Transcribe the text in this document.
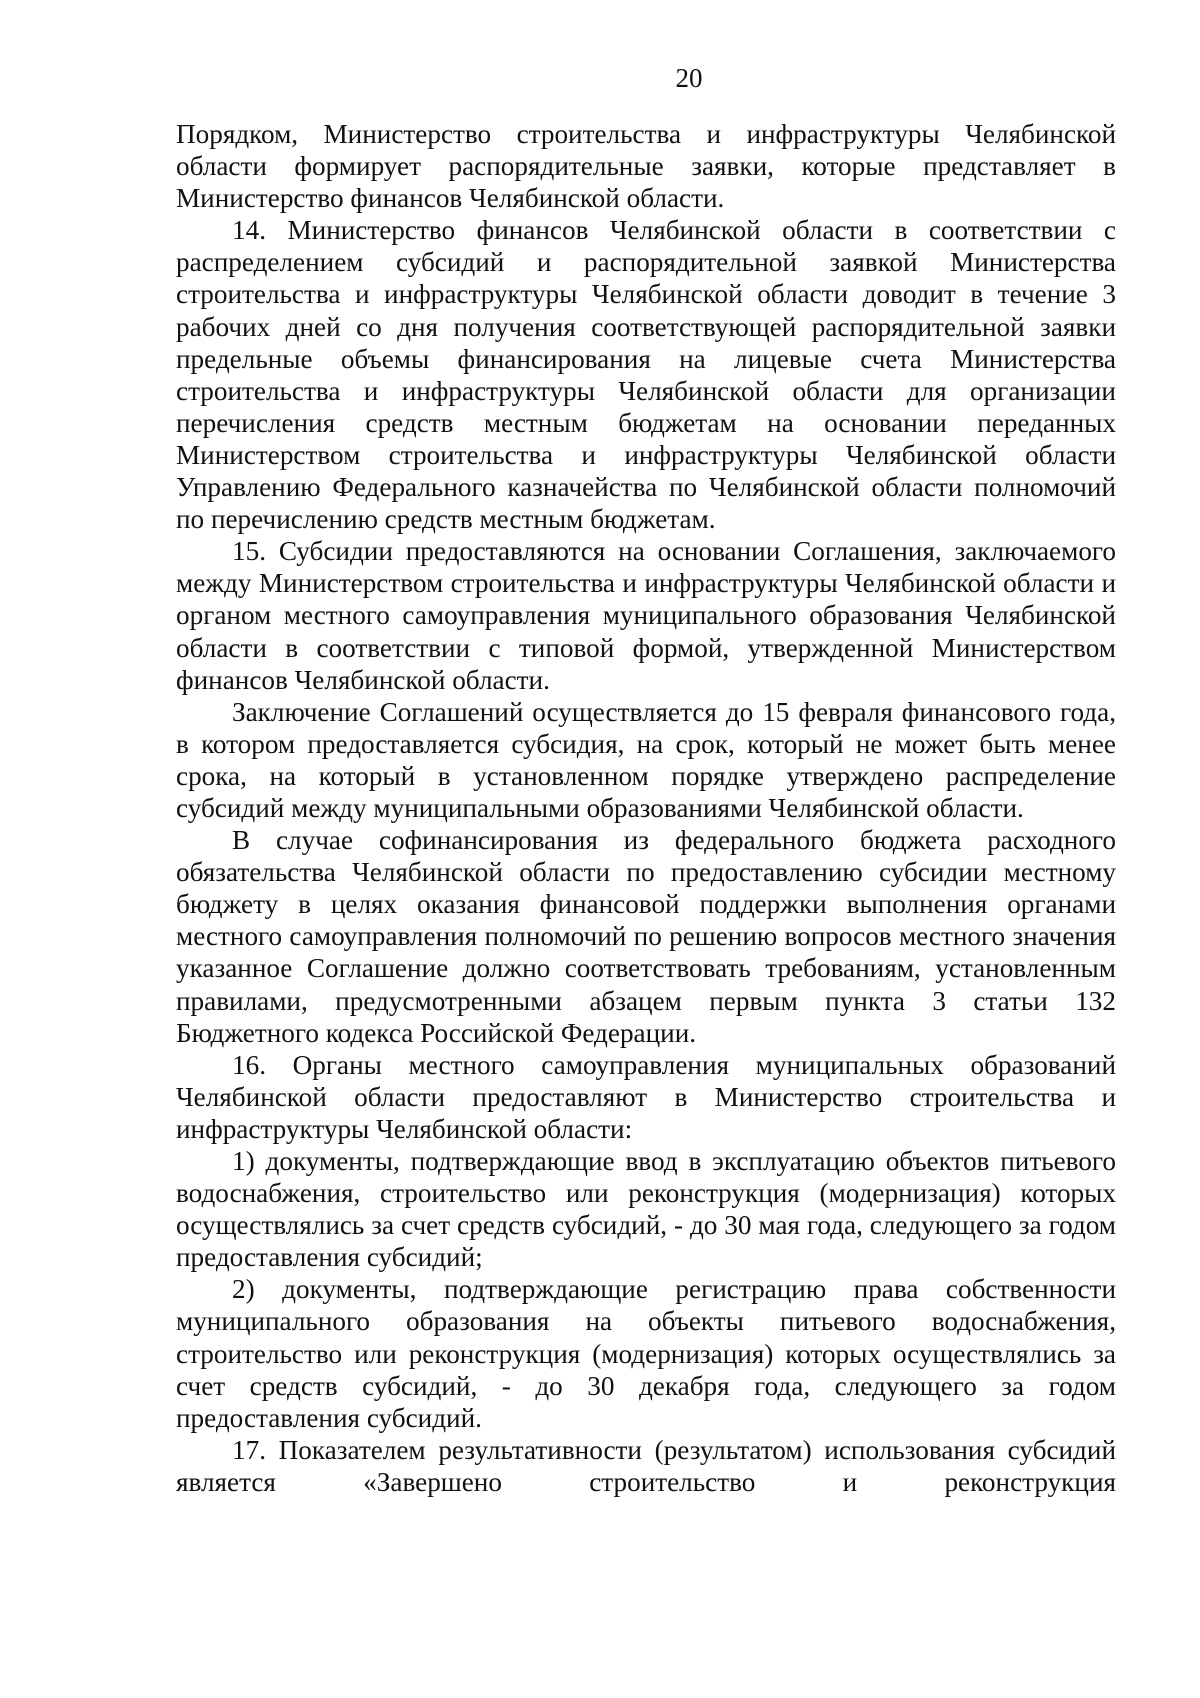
20

Порядком, Министерство строительства и инфраструктуры Челябинской области формирует распорядительные заявки, которые представляет в Министерство финансов Челябинской области.

14. Министерство финансов Челябинской области в соответствии с распределением субсидий и распорядительной заявкой Министерства строительства и инфраструктуры Челябинской области доводит в течение 3 рабочих дней со дня получения соответствующей распорядительной заявки предельные объемы финансирования на лицевые счета Министерства строительства и инфраструктуры Челябинской области для организации перечисления средств местным бюджетам на основании переданных Министерством строительства и инфраструктуры Челябинской области Управлению Федерального казначейства по Челябинской области полномочий по перечислению средств местным бюджетам.

15. Субсидии предоставляются на основании Соглашения, заключаемого между Министерством строительства и инфраструктуры Челябинской области и органом местного самоуправления муниципального образования Челябинской области в соответствии с типовой формой, утвержденной Министерством финансов Челябинской области.

Заключение Соглашений осуществляется до 15 февраля финансового года, в котором предоставляется субсидия, на срок, который не может быть менее срока, на который в установленном порядке утверждено распределение субсидий между муниципальными образованиями Челябинской области.

В случае софинансирования из федерального бюджета расходного обязательства Челябинской области по предоставлению субсидии местному бюджету в целях оказания финансовой поддержки выполнения органами местного самоуправления полномочий по решению вопросов местного значения указанное Соглашение должно соответствовать требованиям, установленным правилами, предусмотренными абзацем первым пункта 3 статьи 132 Бюджетного кодекса Российской Федерации.

16. Органы местного самоуправления муниципальных образований Челябинской области предоставляют в Министерство строительства и инфраструктуры Челябинской области:

1) документы, подтверждающие ввод в эксплуатацию объектов питьевого водоснабжения, строительство или реконструкция (модернизация) которых осуществлялись за счет средств субсидий, - до 30 мая года, следующего за годом предоставления субсидий;

2) документы, подтверждающие регистрацию права собственности муниципального образования на объекты питьевого водоснабжения, строительство или реконструкция (модернизация) которых осуществлялись за счет средств субсидий, - до 30 декабря года, следующего за годом предоставления субсидий.

17. Показателем результативности (результатом) использования субсидий является «Завершено строительство и реконструкция
